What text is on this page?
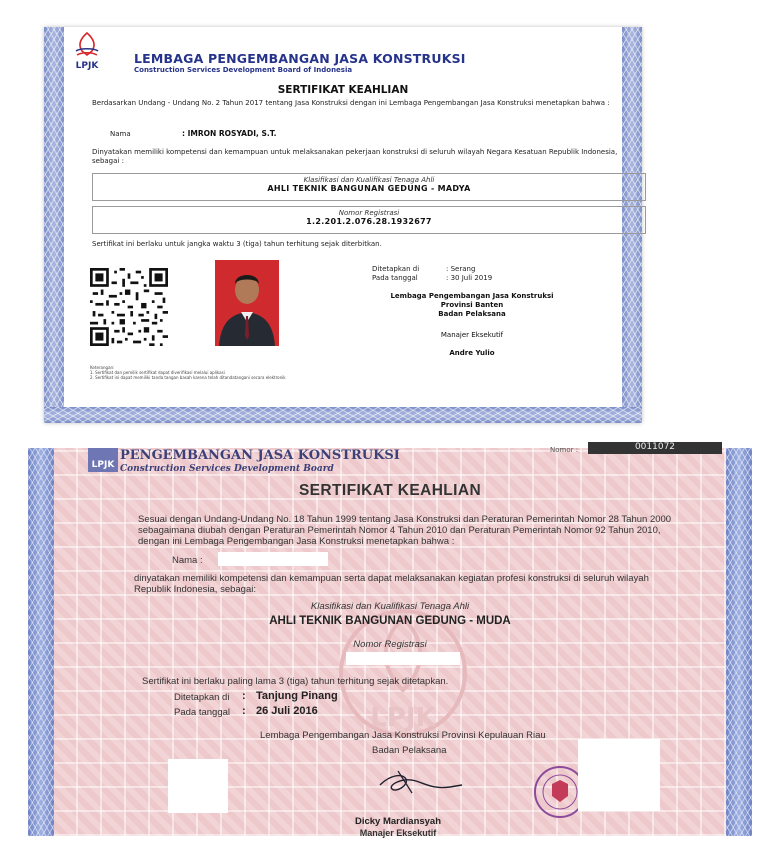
LPJK	LEMBAGA PENGEMBANGAN JASA KONSTRUKSI
Construction Services Development Board of Indonesia
SERTIFIKAT KEAHLIAN
Berdasarkan Undang - Undang No. 2 Tahun 2017 tentang Jasa Konstruksi dengan ini Lembaga Pengembangan Jasa Konstruksi menetapkan bahwa :
Nama	: IMRON ROSYADI, S.T.
Dinyatakan memiliki kompetensi dan kemampuan untuk melaksanakan pekerjaan konstruksi di seluruh wilayah Negara Kesatuan Republik Indonesia, sebagai :
Klasifikasi dan Kualifikasi Tenaga Ahli
AHLI TEKNIK BANGUNAN GEDUNG - MADYA
Nomor Registrasi
1.2.201.2.076.28.1932677
Sertifikat ini berlaku untuk jangka waktu 3 (tiga) tahun terhitung sejak diterbitkan.
Ditetapkan di	: Serang
Pada tanggal	: 30 Juli 2019
Lembaga Pengembangan Jasa Konstruksi
Provinsi Banten
Badan Pelaksana
Manajer Eksekutif
Andre Yulio
Keterangan:
1. Sertifikat dan pemilik sertifikat dapat diverifikasi melalui aplikasi
2. Sertifikat ini dapat memiliki tanda tangan basah karena telah ditandatangani secara elektronik
LPJK
LPJK
PENGEMBANGAN JASA KONSTRUKSI
Construction Services Development Board
Nomor :	0011072
SERTIFIKAT KEAHLIAN
Sesuai dengan Undang-Undang No. 18 Tahun 1999 tentang Jasa Konstruksi dan Peraturan Pemerintah Nomor 28 Tahun 2000
sebagaimana diubah dengan Peraturan Pemerintah Nomor 4 Tahun 2010 dan Peraturan Pemerintah Nomor 92 Tahun 2010,
dengan ini Lembaga Pengembangan Jasa Konstruksi menetapkan bahwa :
Nama :
dinyatakan memiliki kompetensi dan kemampuan serta dapat melaksanakan kegiatan profesi konstruksi di seluruh wilayah
Republik Indonesia, sebagai:
Klasifikasi dan Kualifikasi Tenaga Ahli
AHLI TEKNIK BANGUNAN GEDUNG - MUDA
Nomor Registrasi
Sertifikat ini berlaku paling lama 3 (tiga) tahun terhitung sejak ditetapkan.
Ditetapkan di : Tanjung Pinang
Pada tanggal : 26 Juli 2016
Lembaga Pengembangan Jasa Konstruksi Provinsi Kepulauan Riau
Badan Pelaksana
Dicky Mardiansyah
Manajer Eksekutif
